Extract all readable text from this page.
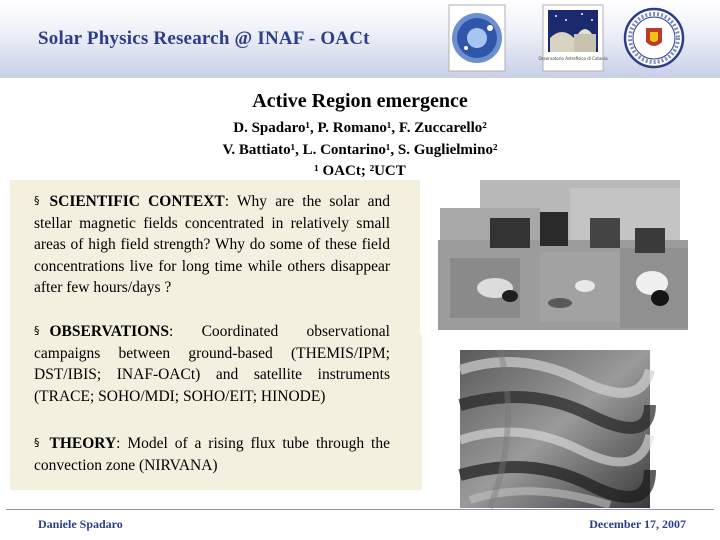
Solar Physics Research @ INAF - OACt
Osservatorio Astrofisico di Catania
Active Region emergence
D. Spadaro¹, P. Romano¹, F. Zuccarello²
V. Battiato¹, L. Contarino¹, S. Guglielmino²
¹ OACt; ²UCT
§ SCIENTIFIC CONTEXT: Why are the solar and stellar magnetic fields concentrated in relatively small areas of high field strength? Why do some of these field concentrations live for long time while others disappear after few hours/days ?
§ OBSERVATIONS: Coordinated observational campaigns between ground-based (THEMIS/IPM; DST/IBIS; INAF-OACt) and satellite instruments (TRACE; SOHO/MDI; SOHO/EIT; HINODE)
§ THEORY: Model of a rising flux tube through the convection zone (NIRVANA)
Daniele Spadaro	December 17, 2007
